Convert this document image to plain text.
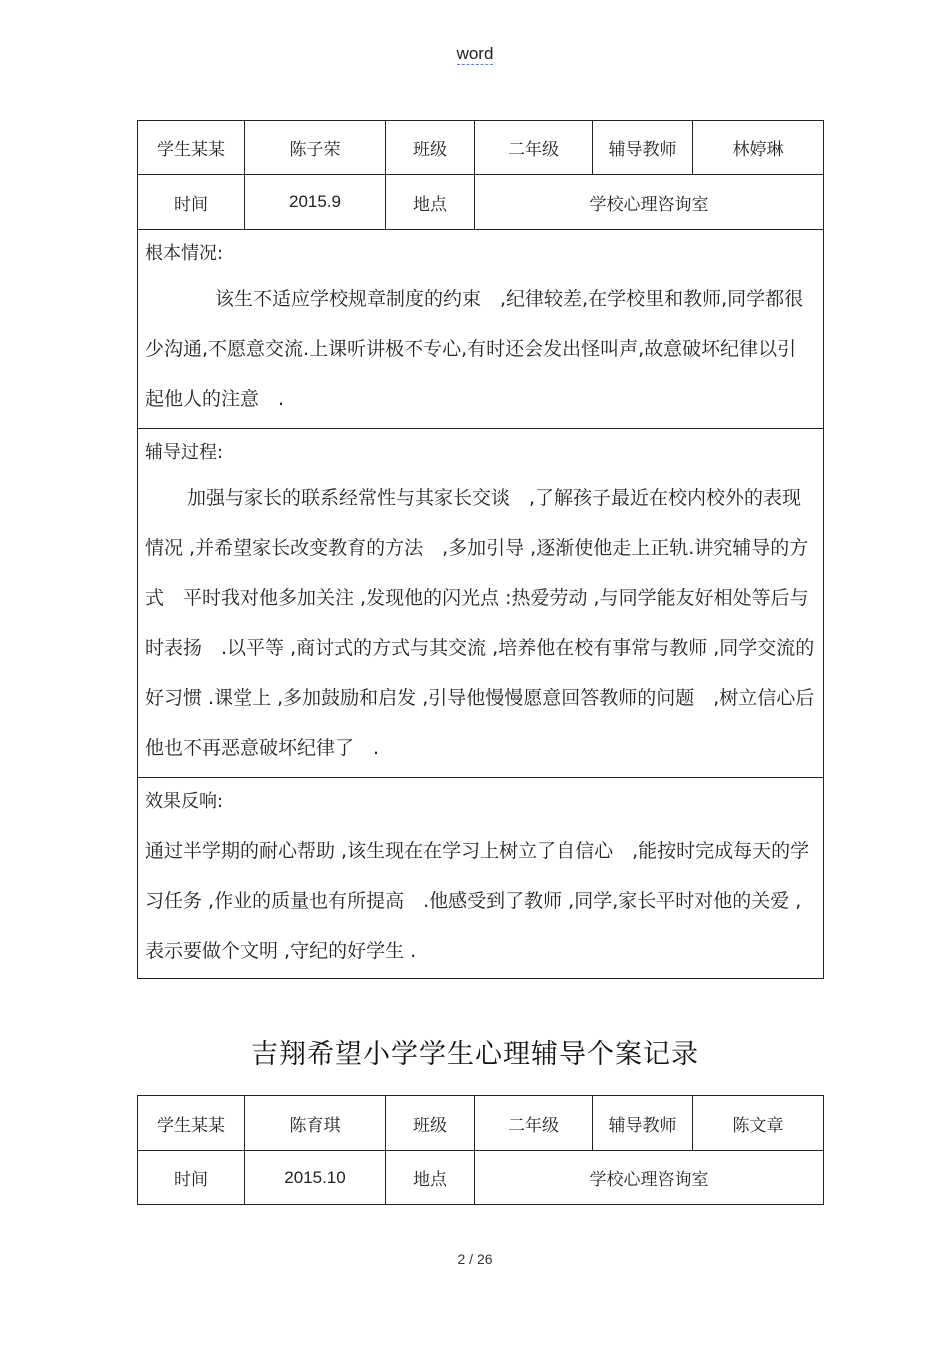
word
学生某某	陈子荣	班级	二年级	辅导教师	林婷琳
时间	2015.9	地点	学校心理咨询室		

根本情况:
该生不适应学校规章制度的约束　,纪律较差,在学校里和教师,同学都很少沟通,不愿意交流.上课听讲极不专心,有时还会发出怪叫声,故意破坏纪律以引起他人的注意　.					

辅导过程:
加强与家长的联系经常性与其家长交谈　,了解孩子最近在校内校外的表现情况 ,并希望家长改变教育的方法　,多加引导 ,逐渐使他走上正轨.讲究辅导的方式　平时我对他多加关注 ,发现他的闪光点 :热爱劳动 ,与同学能友好相处等后与时表扬　.以平等 ,商讨式的方式与其交流 ,培养他在校有事常与教师 ,同学交流的好习惯 .课堂上 ,多加鼓励和启发 ,引导他慢慢愿意回答教师的问题　,树立信心后他也不再恶意破坏纪律了　.					

效果反响:
通过半学期的耐心帮助 ,该生现在在学习上树立了自信心　,能按时完成每天的学习任务 ,作业的质量也有所提高　.他感受到了教师 ,同学,家长平时对他的关爱 ,表示要做个文明 ,守纪的好学生 .					
吉翔希望小学学生心理辅导个案记录
学生某某	陈育琪	班级	二年级	辅导教师	陈文章
时间	2015.10	地点	学校心理咨询室		
2 / 26
